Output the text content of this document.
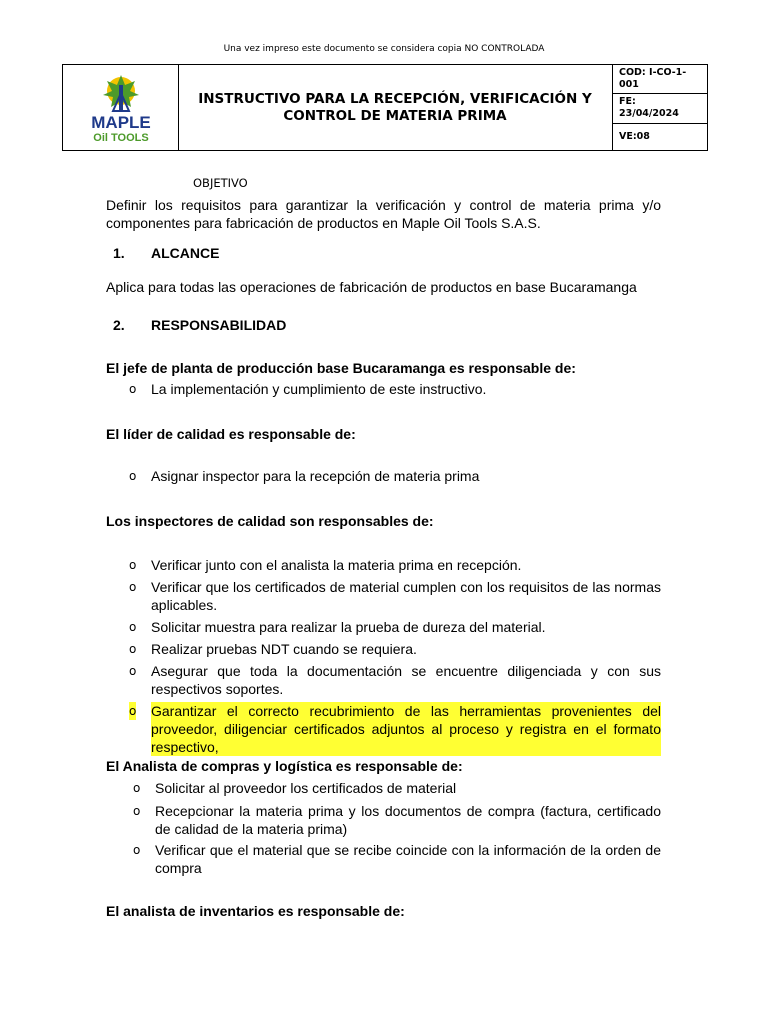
Una vez impreso este documento se considera copia NO CONTROLADA
MAPLE
Oil TOOLS
INSTRUCTIVO PARA LA RECEPCIÓN, VERIFICACIÓN Y CONTROL DE MATERIA PRIMA
COD: I-CO-1-001
FE:
23/04/2024
VE:08
OBJETIVO
Definir los requisitos para garantizar la verificación y control de materia prima y/o componentes para fabricación de productos en Maple Oil Tools S.A.S.
1. ALCANCE
Aplica para todas las operaciones de fabricación de productos en base Bucaramanga
2. RESPONSABILIDAD
El jefe de planta de producción base Bucaramanga es responsable de:
o La implementación y cumplimiento de este instructivo.
El líder de calidad es responsable de:
o Asignar inspector para la recepción de materia prima
Los inspectores de calidad son responsables de:
o Verificar junto con el analista la materia prima en recepción.
o Verificar que los certificados de material cumplen con los requisitos de las normas aplicables.
o Solicitar muestra para realizar la prueba de dureza del material.
o Realizar pruebas NDT cuando se requiera.
o Asegurar que toda la documentación se encuentre diligenciada y con sus respectivos soportes.
o Garantizar el correcto recubrimiento de las herramientas provenientes del proveedor, diligenciar certificados adjuntos al proceso y registra en el formato respectivo,
El Analista de compras y logística es responsable de:
o Solicitar al proveedor los certificados de material
o Recepcionar la materia prima y los documentos de compra (factura, certificado de calidad de la materia prima)
o Verificar que el material que se recibe coincide con la información de la orden de compra
El analista de inventarios es responsable de:
